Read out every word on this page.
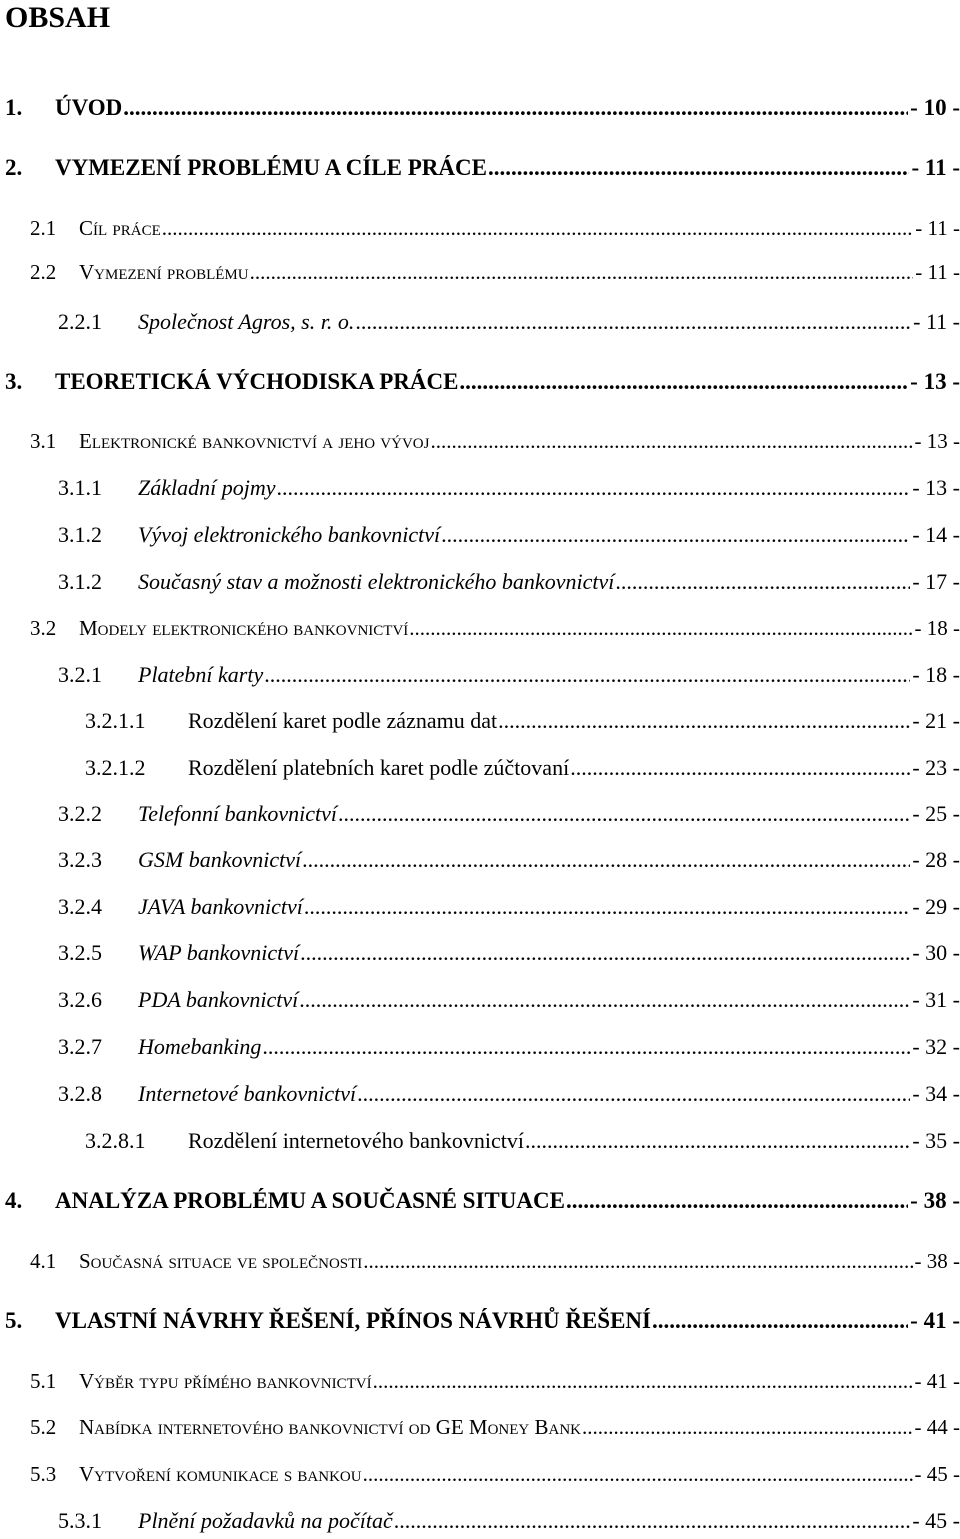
OBSAH
1.	ÚVOD .....	- 10 -
2.	VYMEZENÍ PROBLÉMU A CÍLE PRÁCE .....	- 11 -
2.1	Cíl práce .....	- 11 -
2.2	Vymezení problému .....	- 11 -
2.2.1	Společnost Agros, s. r. o. .....	- 11 -
3.	TEORETICKÁ VÝCHODISKA PRÁCE .....	- 13 -
3.1	Elektronické bankovnictví a jeho vývoj .....	- 13 -
3.1.1	Základní pojmy .....	- 13 -
3.1.2	Vývoj elektronického bankovnictví .....	- 14 -
3.1.2	Současný stav a možnosti elektronického bankovnictví .....	- 17 -
3.2	Modely elektronického bankovnictví .....	- 18 -
3.2.1	Platební karty .....	- 18 -
3.2.1.1	Rozdělení karet podle záznamu dat .....	- 21 -
3.2.1.2	Rozdělení platebních karet podle zúčtovaní .....	- 23 -
3.2.2	Telefonní bankovnictví .....	- 25 -
3.2.3	GSM bankovnictví .....	- 28 -
3.2.4	JAVA bankovnictví .....	- 29 -
3.2.5	WAP bankovnictví .....	- 30 -
3.2.6	PDA bankovnictví .....	- 31 -
3.2.7	Homebanking .....	- 32 -
3.2.8	Internetové bankovnictví .....	- 34 -
3.2.8.1	Rozdělení internetového bankovnictví .....	- 35 -
4.	ANALÝZA PROBLÉMU A SOUČASNÉ SITUACE .....	- 38 -
4.1	Současná situace ve společnosti .....	- 38 -
5.	VLASTNÍ NÁVRHY ŘEŠENÍ, PŘÍNOS NÁVRHŮ ŘEŠENÍ .....	- 41 -
5.1	Výběr typu přímého bankovnictví .....	- 41 -
5.2	Nabídka internetového bankovnictví od GE Money Bank .....	- 44 -
5.3	Vytvoření komunikace s bankou .....	- 45 -
5.3.1	Plnění požadavků na počítač .....	- 45 -
